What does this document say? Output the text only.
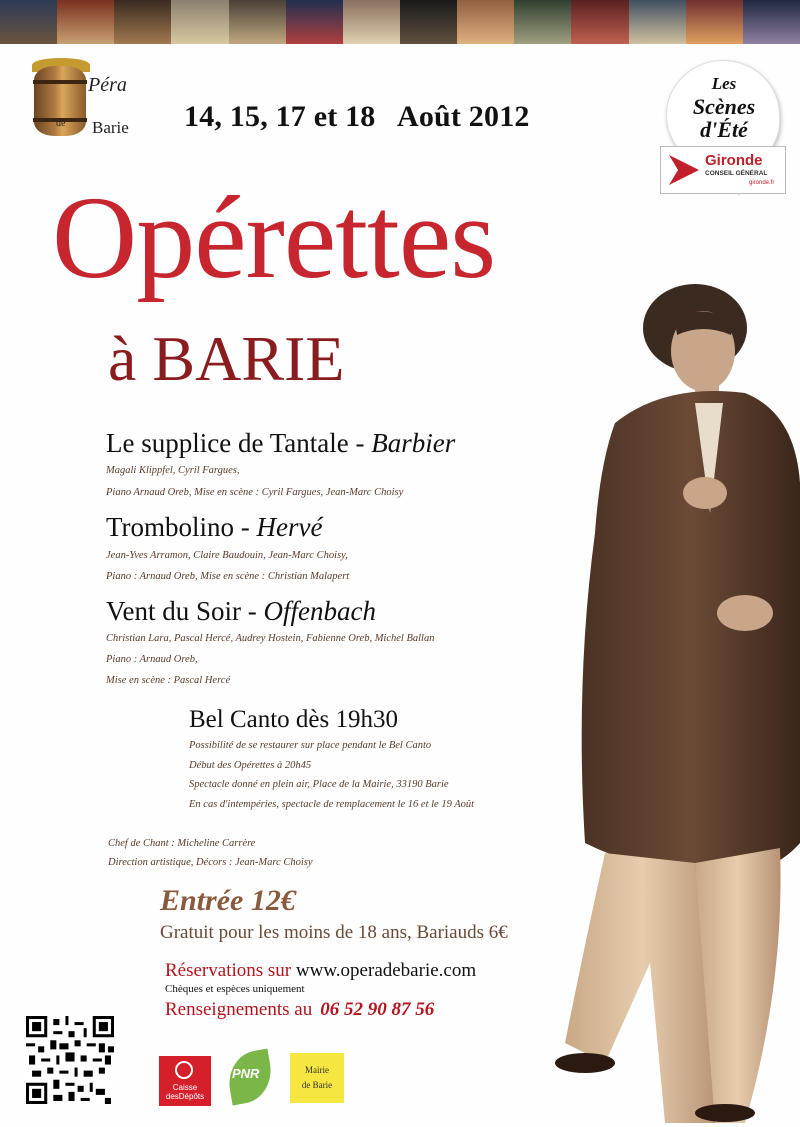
Péra
de Barie 14, 15, 17 et 18   Août 2012
Les
Scènes
d'Été
Gironde
CONSEIL GÉNÉRAL
gironde.fr
Opérettes
à BARIE
Le supplice de Tantale - Barbier
Magali Klippfel, Cyril Fargues,
Piano Arnaud Oreb, Mise en scène : Cyril Fargues, Jean-Marc Choisy
Trombolino - Hervé
Jean-Yves Arramon, Claire Baudouin, Jean-Marc Choisy,
Piano : Arnaud Oreb, Mise en scène : Christian Malapert
Vent du Soir - Offenbach
Christian Lara, Pascal Hercé, Audrey Hostein, Fabienne Oreb, Michel Ballan
Piano : Arnaud Oreb,
Mise en scène : Pascal Hercé
Bel Canto dès 19h30
Possibilité de se restaurer sur place pendant le Bel Canto
Début des Opérettes à 20h45
Spectacle donné en plein air, Place de la Mairie, 33190 Barie
En cas d'intempéries, spectacle de remplacement le 16 et le 19 Août
Chef de Chant : Micheline Carrère
Direction artistique, Décors : Jean-Marc Choisy
Entrée 12€
Gratuit pour les moins de 18 ans, Bariauds 6€
Réservations sur www.operadebarie.com
Chèques et espèces uniquement
Renseignements au 06 52 90 87 56
Caisse
desDépôts
PNR	Mairie
de Barie
